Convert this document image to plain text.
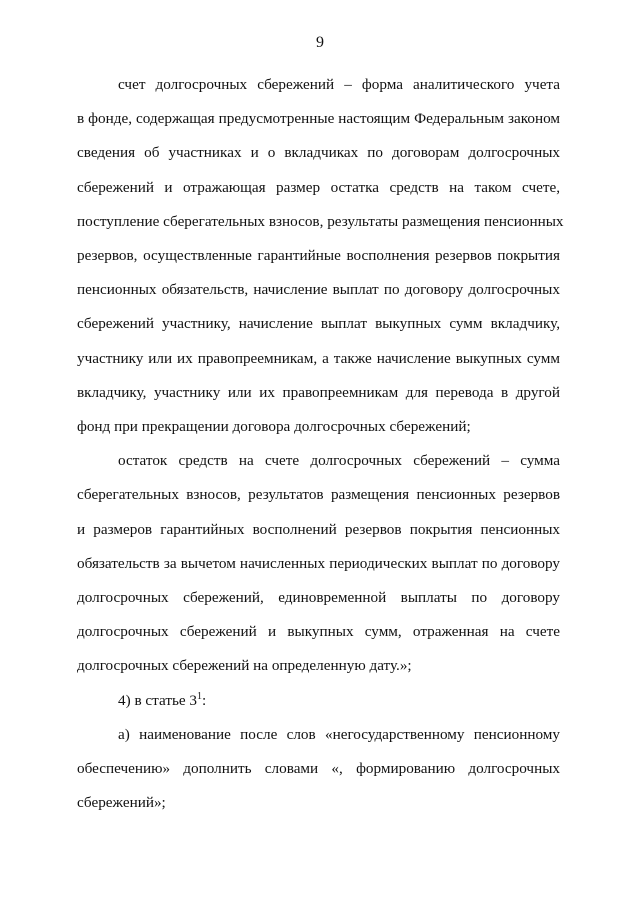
9

счет долгосрочных сбережений – форма аналитического учета
в фонде, содержащая предусмотренные настоящим Федеральным законом
сведения об участниках и о вкладчиках по договорам долгосрочных
сбережений и отражающая размер остатка средств на таком счете,
поступление сберегательных взносов, результаты размещения пенсионных
резервов, осуществленные гарантийные восполнения резервов покрытия
пенсионных обязательств, начисление выплат по договору долгосрочных
сбережений участнику, начисление выплат выкупных сумм вкладчику,
участнику или их правопреемникам, а также начисление выкупных сумм
вкладчику, участнику или их правопреемникам для перевода в другой
фонд при прекращении договора долгосрочных сбережений;

остаток средств на счете долгосрочных сбережений – сумма
сберегательных взносов, результатов размещения пенсионных резервов
и размеров гарантийных восполнений резервов покрытия пенсионных
обязательств за вычетом начисленных периодических выплат по договору
долгосрочных сбережений, единовременной выплаты по договору
долгосрочных сбережений и выкупных сумм, отраженная на счете
долгосрочных сбережений на определенную дату.»;

4) в статье $3^1$:

а) наименование после слов «негосударственному пенсионному
обеспечению» дополнить словами «, формированию долгосрочных
сбережений»;
